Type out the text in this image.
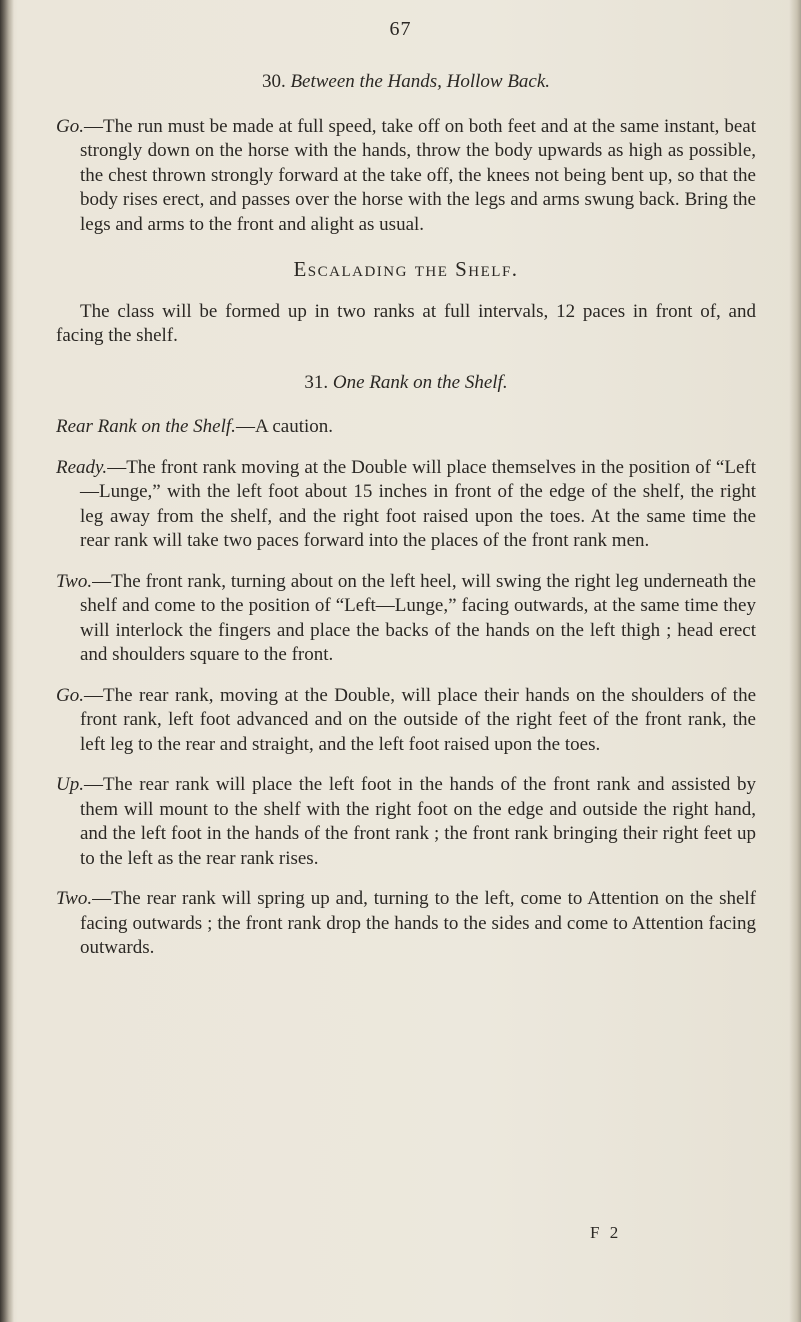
67
30. Between the Hands, Hollow Back.

Go.—The run must be made at full speed, take off on both feet and at the same instant, beat strongly down on the horse with the hands, throw the body upwards as high as possible, the chest thrown strongly forward at the take off, the knees not being bent up, so that the body rises erect, and passes over the horse with the legs and arms swung back. Bring the legs and arms to the front and alight as usual.

Escalading the Shelf.

The class will be formed up in two ranks at full intervals, 12 paces in front of, and facing the shelf.

31. One Rank on the Shelf.

Rear Rank on the Shelf.—A caution.

Ready.—The front rank moving at the Double will place themselves in the position of “Left—Lunge,” with the left foot about 15 inches in front of the edge of the shelf, the right leg away from the shelf, and the right foot raised upon the toes. At the same time the rear rank will take two paces forward into the places of the front rank men.

Two.—The front rank, turning about on the left heel, will swing the right leg underneath the shelf and come to the position of “Left—Lunge,” facing outwards, at the same time they will interlock the fingers and place the backs of the hands on the left thigh ; head erect and shoulders square to the front.

Go.—The rear rank, moving at the Double, will place their hands on the shoulders of the front rank, left foot advanced and on the outside of the right feet of the front rank, the left leg to the rear and straight, and the left foot raised upon the toes.

Up.—The rear rank will place the left foot in the hands of the front rank and assisted by them will mount to the shelf with the right foot on the edge and outside the right hand, and the left foot in the hands of the front rank ; the front rank bringing their right feet up to the left as the rear rank rises.

Two.—The rear rank will spring up and, turning to the left, come to Attention on the shelf facing outwards ; the front rank drop the hands to the sides and come to Attention facing outwards.

F 2
